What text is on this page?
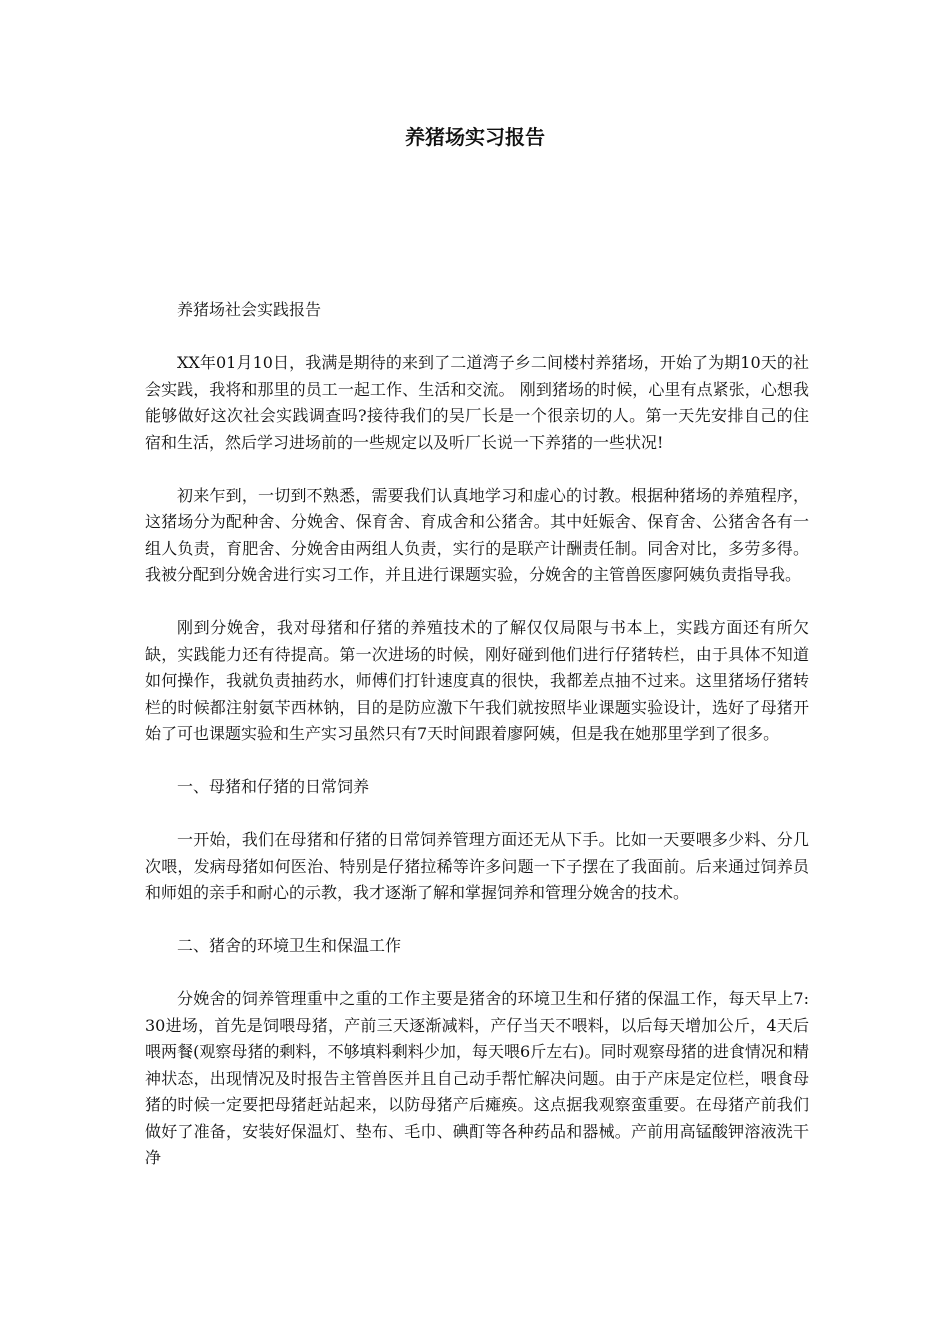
养猪场实习报告

养猪场社会实践报告

XX年01月10日，我满是期待的来到了二道湾子乡二间楼村养猪场，开始了为期10天的社会实践，我将和那里的员工一起工作、生活和交流。 刚到猪场的时候，心里有点紧张，心想我能够做好这次社会实践调查吗?接待我们的吴厂长是一个很亲切的人。第一天先安排自己的住宿和生活，然后学习进场前的一些规定以及听厂长说一下养猪的一些状况!

初来乍到，一切到不熟悉，需要我们认真地学习和虚心的讨教。根据种猪场的养殖程序，这猪场分为配种舍、分娩舍、保育舍、育成舍和公猪舍。其中妊娠舍、保育舍、公猪舍各有一组人负责，育肥舍、分娩舍由两组人负责，实行的是联产计酬责任制。同舍对比，多劳多得。我被分配到分娩舍进行实习工作，并且进行课题实验，分娩舍的主管兽医廖阿姨负责指导我。

刚到分娩舍，我对母猪和仔猪的养殖技术的了解仅仅局限与书本上，实践方面还有所欠缺，实践能力还有待提高。第一次进场的时候，刚好碰到他们进行仔猪转栏，由于具体不知道如何操作，我就负责抽药水，师傅们打针速度真的很快，我都差点抽不过来。这里猪场仔猪转栏的时候都注射氨苄西林钠，目的是防应激下午我们就按照毕业课题实验设计，选好了母猪开始了可也课题实验和生产实习虽然只有7天时间跟着廖阿姨，但是我在她那里学到了很多。

一、母猪和仔猪的日常饲养

一开始，我们在母猪和仔猪的日常饲养管理方面还无从下手。比如一天要喂多少料、分几次喂，发病母猪如何医治、特别是仔猪拉稀等许多问题一下子摆在了我面前。后来通过饲养员和师姐的亲手和耐心的示教，我才逐渐了解和掌握饲养和管理分娩舍的技术。

二、猪舍的环境卫生和保温工作

分娩舍的饲养管理重中之重的工作主要是猪舍的环境卫生和仔猪的保温工作，每天早上7:30进场，首先是饲喂母猪，产前三天逐渐减料，产仔当天不喂料，以后每天增加公斤，4天后喂两餐(观察母猪的剩料，不够填料剩料少加，每天喂6斤左右)。同时观察母猪的进食情况和精神状态，出现情况及时报告主管兽医并且自己动手帮忙解决问题。由于产床是定位栏，喂食母猪的时候一定要把母猪赶站起来，以防母猪产后瘫痪。这点据我观察蛮重要。在母猪产前我们做好了准备，安装好保温灯、垫布、毛巾、碘酊等各种药品和器械。产前用高锰酸钾溶液洗干净
